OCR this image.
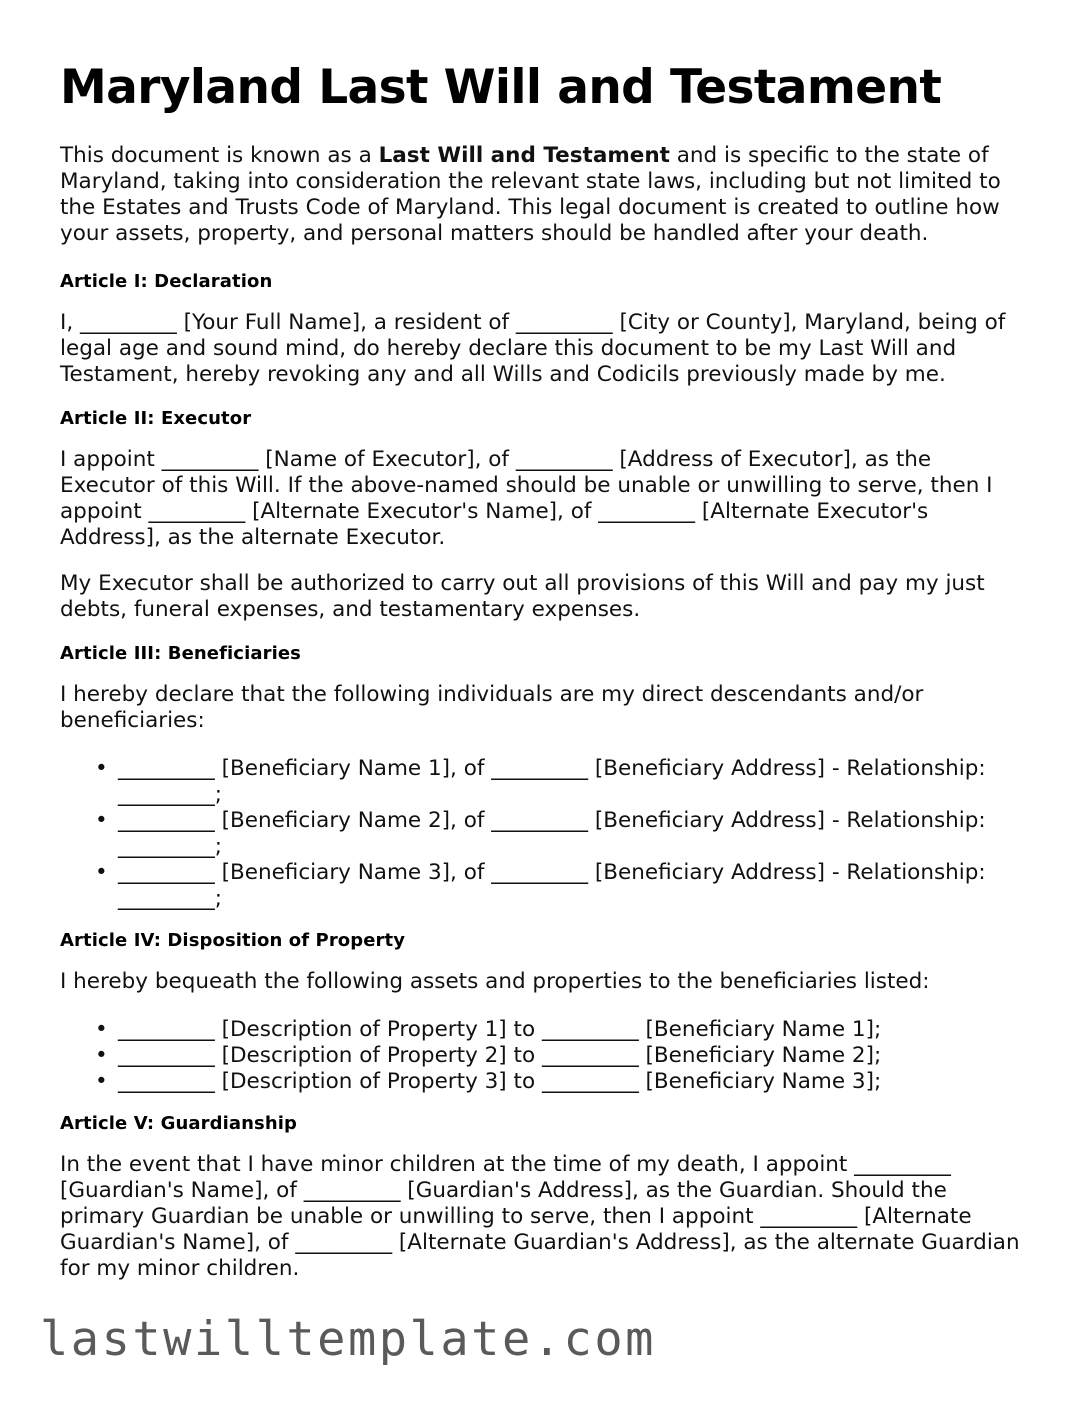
Maryland Last Will and Testament

This document is known as a Last Will and Testament and is specific to the state of Maryland, taking into consideration the relevant state laws, including but not limited to the Estates and Trusts Code of Maryland. This legal document is created to outline how your assets, property, and personal matters should be handled after your death.

Article I: Declaration

I, _________ [Your Full Name], a resident of _________ [City or County], Maryland, being of legal age and sound mind, do hereby declare this document to be my Last Will and Testament, hereby revoking any and all Wills and Codicils previously made by me.

Article II: Executor

I appoint _________ [Name of Executor], of _________ [Address of Executor], as the Executor of this Will. If the above-named should be unable or unwilling to serve, then I appoint _________ [Alternate Executor's Name], of _________ [Alternate Executor's Address], as the alternate Executor.

My Executor shall be authorized to carry out all provisions of this Will and pay my just debts, funeral expenses, and testamentary expenses.

Article III: Beneficiaries

I hereby declare that the following individuals are my direct descendants and/or beneficiaries:

• _________ [Beneficiary Name 1], of _________ [Beneficiary Address] - Relationship: _________;
• _________ [Beneficiary Name 2], of _________ [Beneficiary Address] - Relationship: _________;
• _________ [Beneficiary Name 3], of _________ [Beneficiary Address] - Relationship: _________;
Article IV: Disposition of Property

I hereby bequeath the following assets and properties to the beneficiaries listed:

• _________ [Description of Property 1] to _________ [Beneficiary Name 1];
• _________ [Description of Property 2] to _________ [Beneficiary Name 2];
• _________ [Description of Property 3] to _________ [Beneficiary Name 3];
Article V: Guardianship

In the event that I have minor children at the time of my death, I appoint _________ [Guardian's Name], of _________ [Guardian's Address], as the Guardian. Should the primary Guardian be unable or unwilling to serve, then I appoint _________ [Alternate Guardian's Name], of _________ [Alternate Guardian's Address], as the alternate Guardian for my minor children.

lastwilltemplate.com
